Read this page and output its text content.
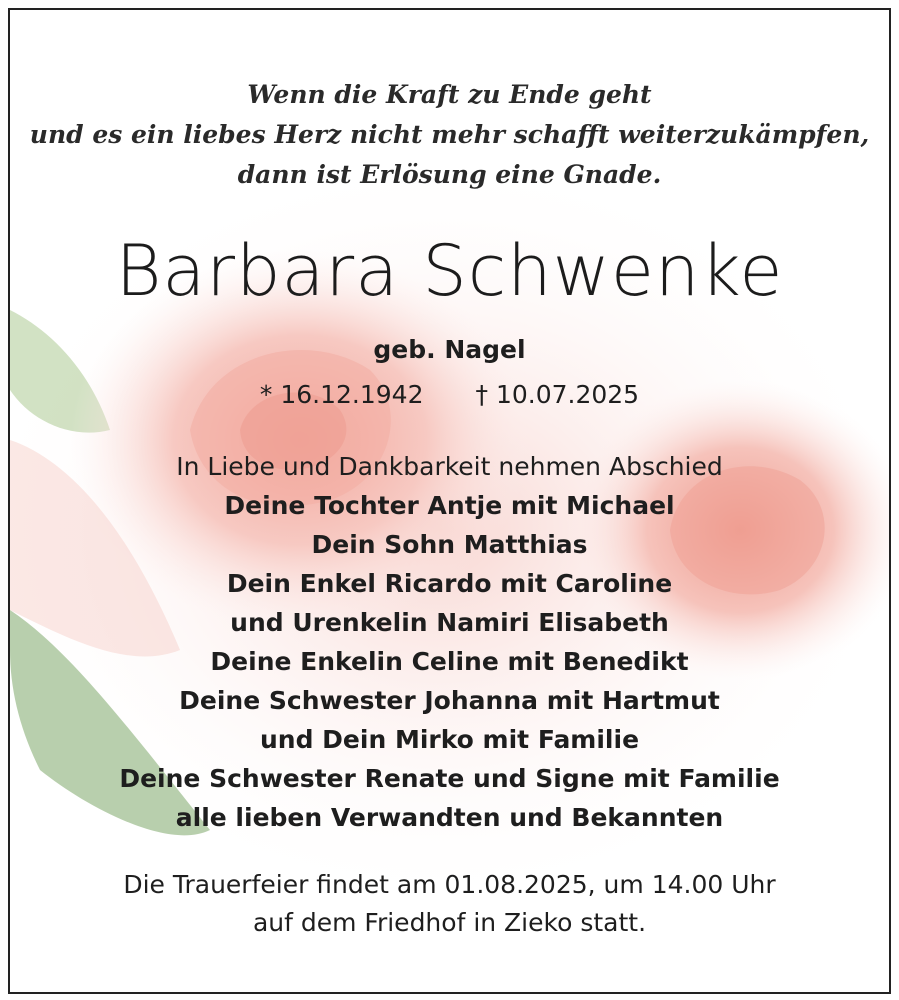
Wenn die Kraft zu Ende geht
und es ein liebes Herz nicht mehr schafft weiterzukämpfen,
dann ist Erlösung eine Gnade.
Barbara Schwenke
geb. Nagel
* 16.12.1942 † 10.07.2025
In Liebe und Dankbarkeit nehmen Abschied
Deine Tochter Antje mit Michael
Dein Sohn Matthias
Dein Enkel Ricardo mit Caroline
und Urenkelin Namiri Elisabeth
Deine Enkelin Celine mit Benedikt
Deine Schwester Johanna mit Hartmut
und Dein Mirko mit Familie
Deine Schwester Renate und Signe mit Familie
alle lieben Verwandten und Bekannten
Die Trauerfeier findet am 01.08.2025, um 14.00 Uhr
auf dem Friedhof in Zieko statt.
